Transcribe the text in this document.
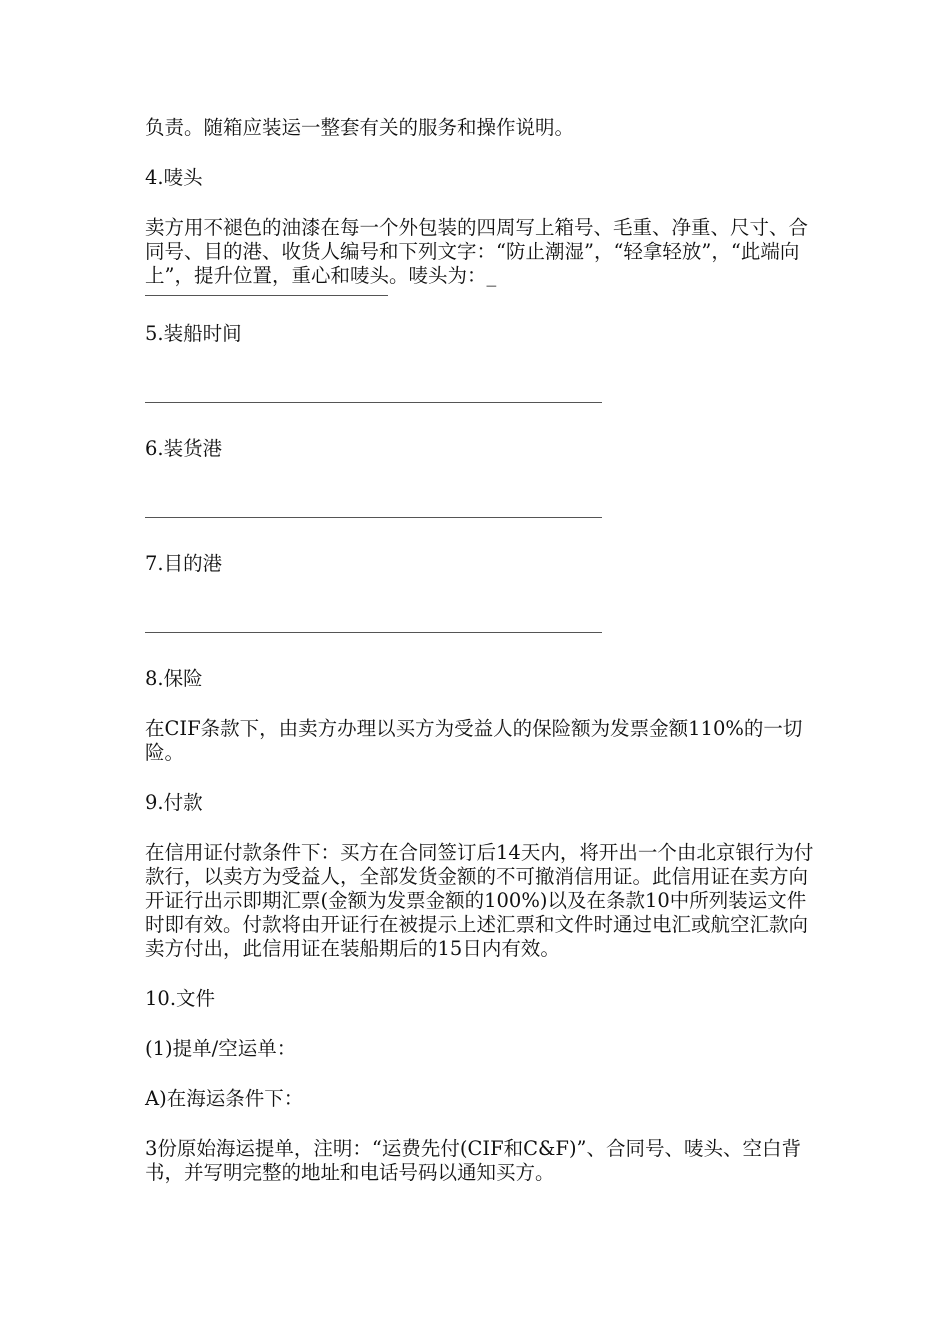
负责。随箱应装运一整套有关的服务和操作说明。

4.唛头

卖方用不褪色的油漆在每一个外包装的四周写上箱号、毛重、净重、尺寸、合同号、目的港、收货人编号和下列文字：“防止潮湿”，“轻拿轻放”，“此端向上”，提升位置，重心和唛头。唛头为：_

5.装船时间

6.装货港

7.目的港

8.保险

在CIF条款下，由卖方办理以买方为受益人的保险额为发票金额110%的一切险。

9.付款

在信用证付款条件下：买方在合同签订后14天内，将开出一个由北京银行为付款行，以卖方为受益人，全部发货金额的不可撤消信用证。此信用证在卖方向开证行出示即期汇票(金额为发票金额的100%)以及在条款10中所列装运文件时即有效。付款将由开证行在被提示上述汇票和文件时通过电汇或航空汇款向卖方付出，此信用证在装船期后的15日内有效。

10.文件

(1)提单/空运单：

A)在海运条件下：

3份原始海运提单，注明：“运费先付(CIF和C&F)”、合同号、唛头、空白背书，并写明完整的地址和电话号码以通知买方。
